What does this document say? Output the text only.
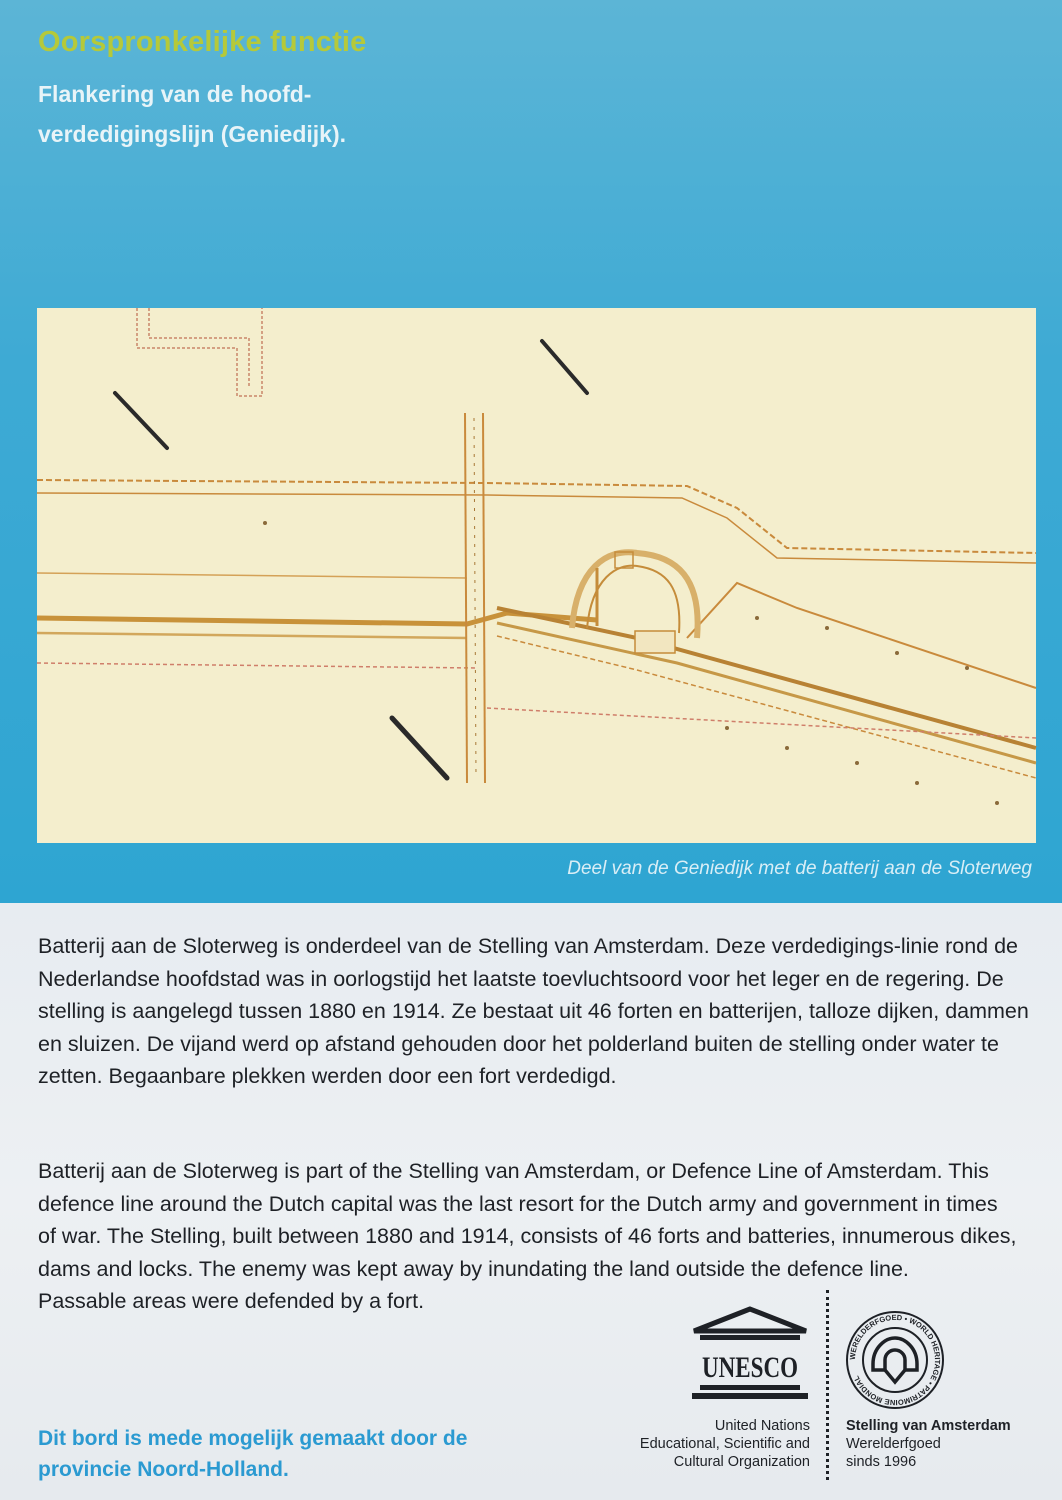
Oorspronkelijke functie
Flankering van de hoofd-verdedigingslijn (Geniedijk).
Deel van de Geniedijk met de batterij aan de Sloterweg
Batterij aan de Sloterweg is onderdeel van de Stelling van Amsterdam. Deze verdedigings-linie rond de Nederlandse hoofdstad was in oorlogstijd het laatste toevluchtsoord voor het leger en de regering. De stelling is aangelegd tussen 1880 en 1914. Ze bestaat uit 46 forten en batterijen, talloze dijken, dammen en sluizen. De vijand werd op afstand gehouden door het polderland buiten de stelling onder water te zetten. Begaanbare plekken werden door een fort verdedigd.
Batterij aan de Sloterweg is part of the Stelling van Amsterdam, or Defence Line of Amsterdam. This defence line around the Dutch capital was the last resort for the Dutch army and government in times of war. The Stelling, built between 1880 and 1914, consists of 46 forts and batteries, innumerous dikes, dams and locks. The enemy was kept away by inundating the land outside the defence line.
Passable areas were defended by a fort.
Dit bord is mede mogelijk gemaakt door de provincie Noord-Holland.
UNESCO
United Nations
Educational, Scientific and
Cultural Organization
WERELDERFGOED • WORLD HERITAGE • PATRIMOINE MONDIAL
Stelling van Amsterdam
Werelderfgoed
sinds 1996
